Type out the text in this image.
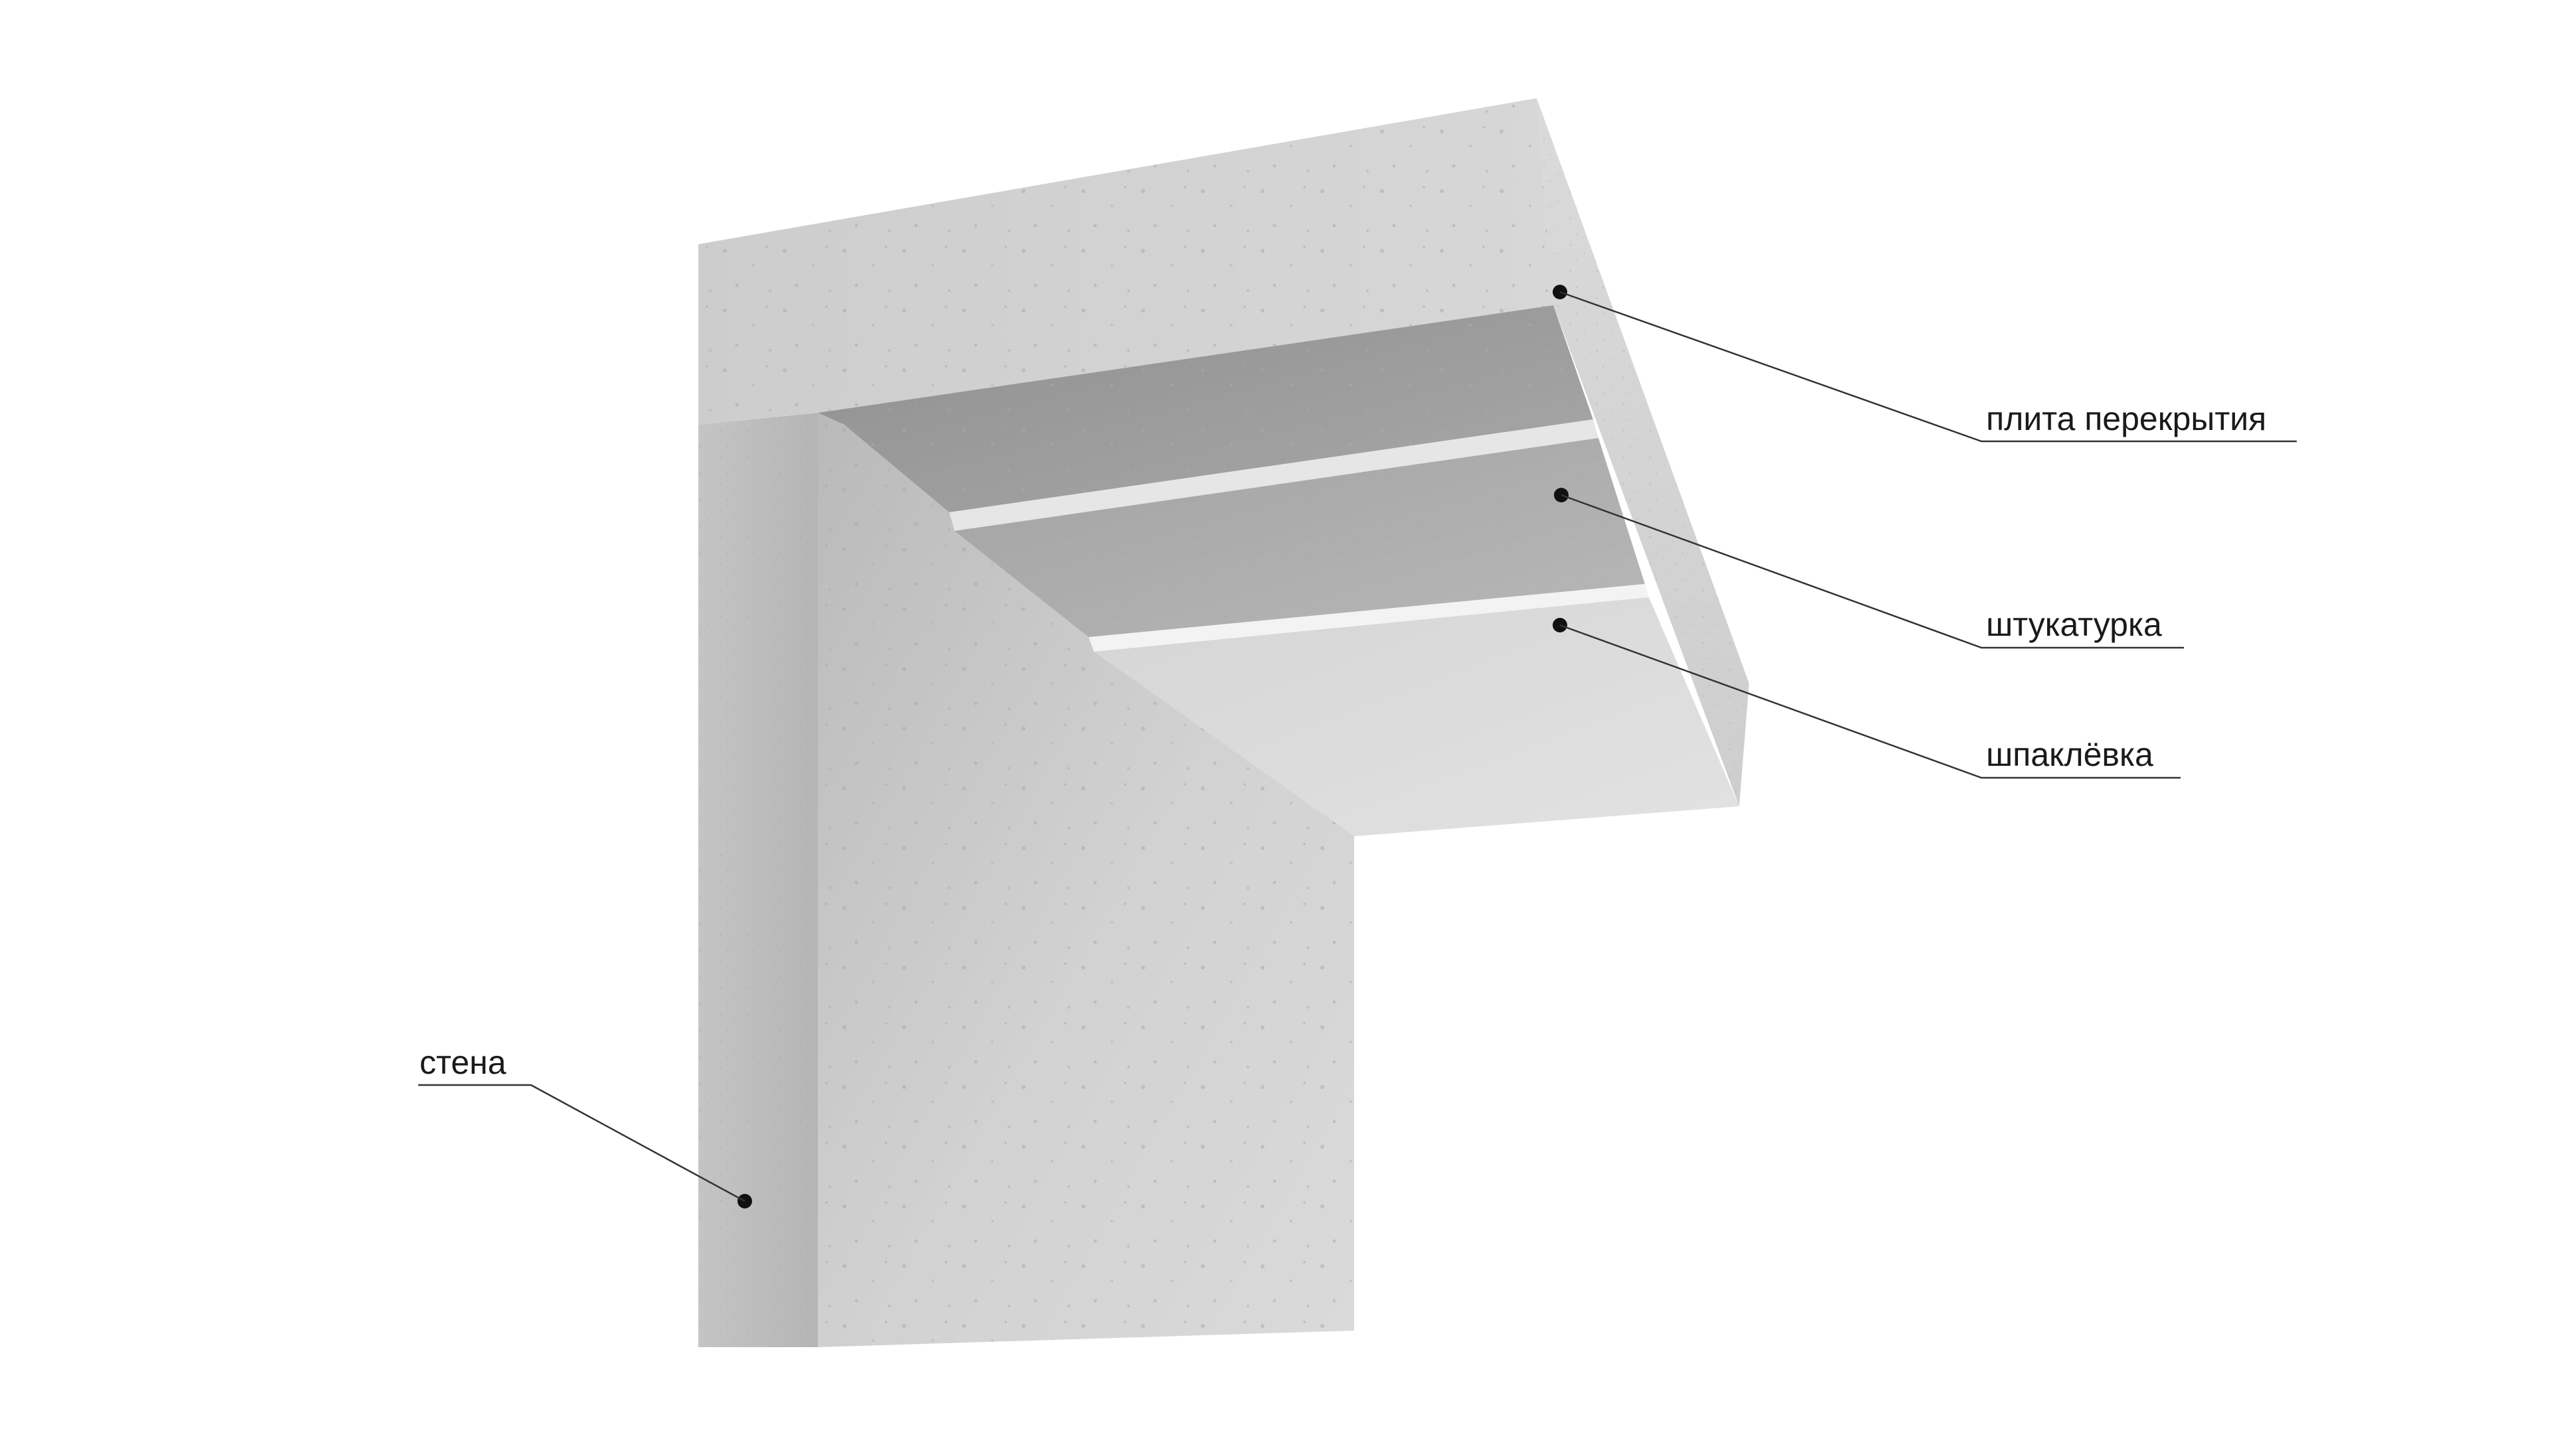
плита перекрытия
штукатурка
шпаклёвка
стена
